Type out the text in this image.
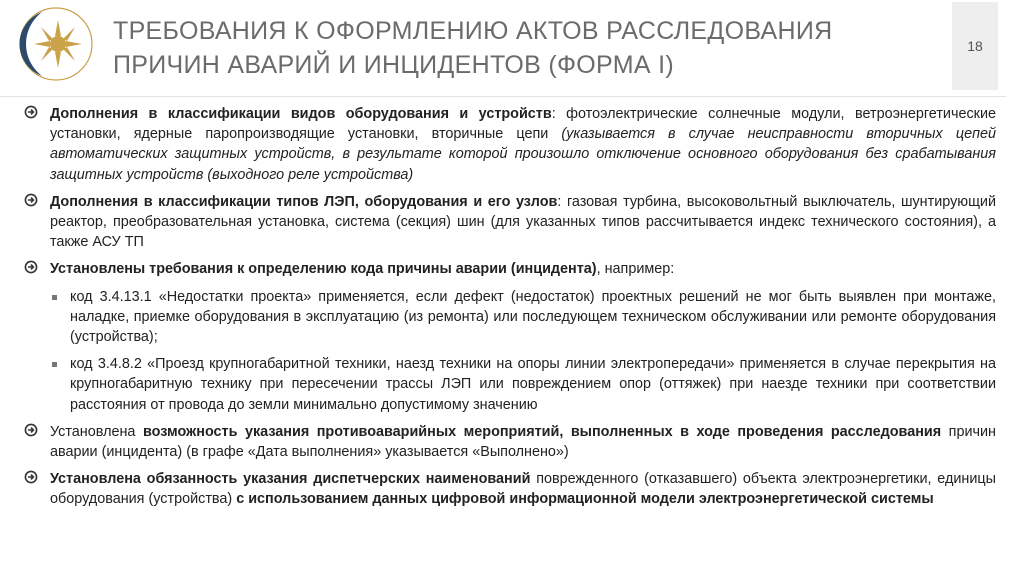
ТРЕБОВАНИЯ К ОФОРМЛЕНИЮ АКТОВ РАССЛЕДОВАНИЯ
ПРИЧИН АВАРИЙ И ИНЦИДЕНТОВ (ФОРМА I)
18
Дополнения в классификации видов оборудования и устройств: фотоэлектрические солнечные модули, ветроэнергетические установки, ядерные паропроизводящие установки, вторичные цепи (указывается в случае неисправности вторичных цепей автоматических защитных устройств, в результате которой произошло отключение основного оборудования без срабатывания защитных устройств (выходного реле устройства)
Дополнения в классификации типов ЛЭП, оборудования и его узлов: газовая турбина, высоковольтный выключатель, шунтирующий реактор, преобразовательная установка, система (секция) шин (для указанных типов рассчитывается индекс технического состояния), а также АСУ ТП
Установлены требования к определению кода причины аварии (инцидента), например:
код 3.4.13.1 «Недостатки проекта» применяется, если дефект (недостаток) проектных решений не мог быть выявлен при монтаже, наладке, приемке оборудования в эксплуатацию (из ремонта) или последующем техническом обслуживании или ремонте оборудования (устройства);
код 3.4.8.2 «Проезд крупногабаритной техники, наезд техники на опоры линии электропередачи» применяется в случае перекрытия на крупногабаритную технику при пересечении трассы ЛЭП или повреждением опор (оттяжек) при наезде техники при соответствии расстояния от провода до земли минимально допустимому значению
Установлена возможность указания противоаварийных мероприятий, выполненных в ходе проведения расследования причин аварии (инцидента) (в графе «Дата выполнения» указывается «Выполнено»)
Установлена обязанность указания диспетчерских наименований поврежденного (отказавшего) объекта электроэнергетики, единицы оборудования (устройства) с использованием данных цифровой информационной модели электроэнергетической системы
